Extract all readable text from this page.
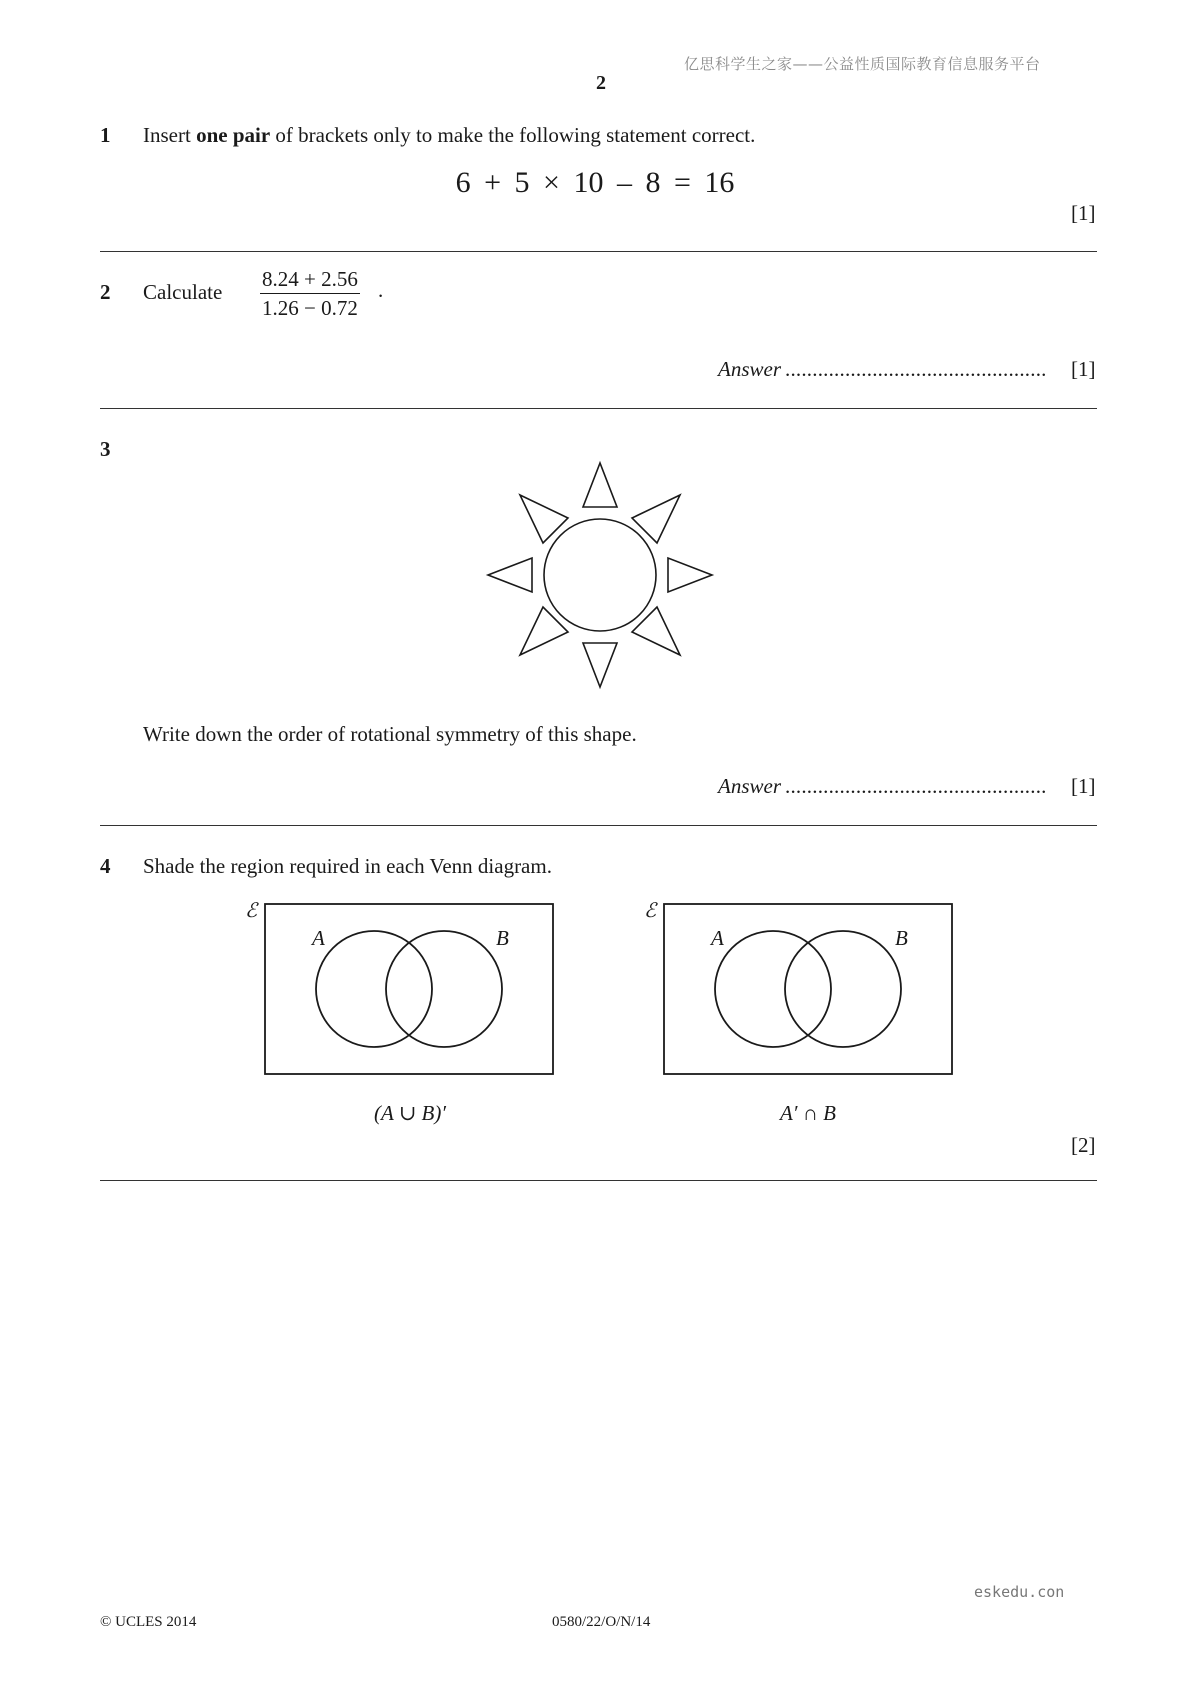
亿思科学生之家——公益性质国际教育信息服务平台
2
1 Insert one pair of brackets only to make the following statement correct.
6 + 5 × 10 – 8 = 16
[1]
2 Calculate $\frac{8.24 + 2.56}{1.26 - 0.72}$ .
Answer ................................................ [1]
3
Write down the order of rotational symmetry of this shape.
Answer ................................................ [1]
4 Shade the region required in each Venn diagram.
ℰ
A	B
(A ∪ B)′
ℰ
A	B
A′ ∩ B
[2]
eskedu.con
© UCLES 2014	0580/22/O/N/14
